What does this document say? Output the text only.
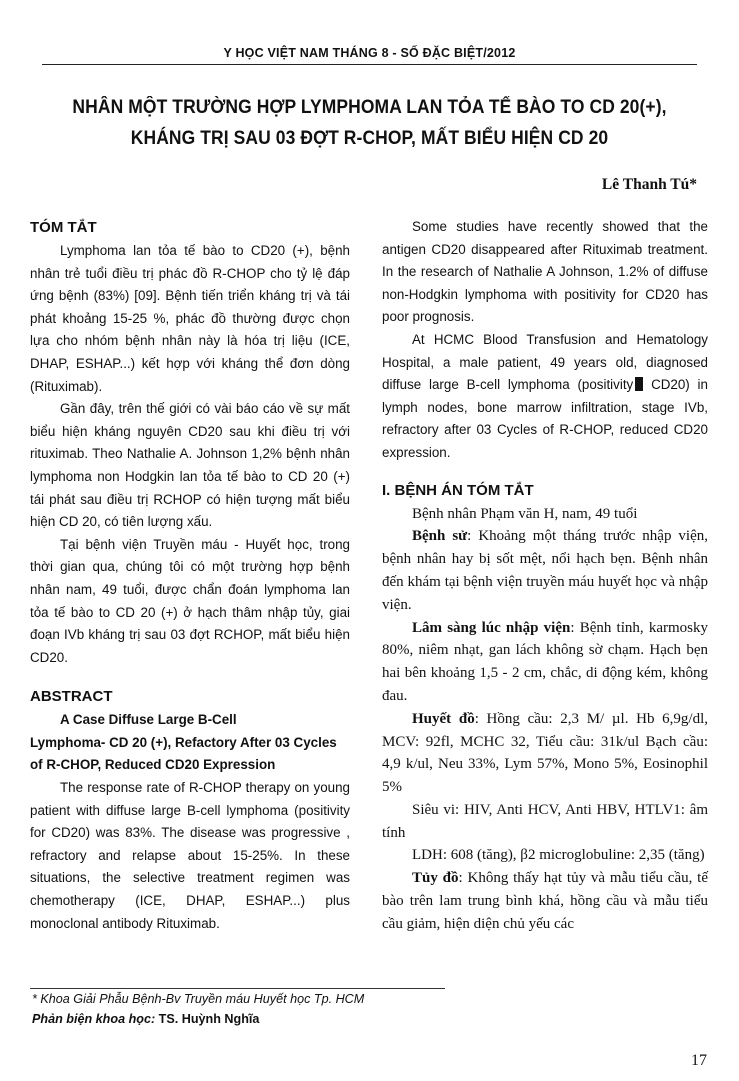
Y HỌC VIỆT NAM THÁNG 8 - SỐ ĐẶC BIỆT/2012
NHÂN MỘT TRƯỜNG HỢP LYMPHOMA LAN TỎA TẾ BÀO TO CD 20(+),
KHÁNG TRỊ SAU 03 ĐỢT R-CHOP, MẤT BIỂU HIỆN CD 20
Lê Thanh Tú*
TÓM TẮT

Lymphoma lan tỏa tế bào to CD20 (+), bệnh nhân trẻ tuổi điều trị phác đồ R-CHOP cho tỷ lệ đáp ứng bệnh (83%) [09]. Bệnh tiến triển kháng trị và tái phát khoảng 15-25 %, phác đồ thường được chọn lựa cho nhóm bệnh nhân này là hóa trị liệu (ICE, DHAP, ESHAP...) kết hợp với kháng thể đơn dòng (Rituximab).

Gần đây, trên thế giới có vài báo cáo về sự mất biểu hiện kháng nguyên CD20 sau khi điều trị với rituximab. Theo Nathalie A. Johnson 1,2% bệnh nhân lymphoma non Hodgkin lan tỏa tế bào to CD 20 (+) tái phát sau điều trị RCHOP có hiện tượng mất biểu hiện CD 20, có tiên lượng xấu.

Tại bệnh viện Truyền máu - Huyết học, trong thời gian qua, chúng tôi có một trường hợp bệnh nhân nam, 49 tuổi, được chẩn đoán lymphoma lan tỏa tế bào to CD 20 (+) ở hạch thâm nhập tủy, giai đoạn IVb kháng trị sau 03 đợt RCHOP, mất biểu hiện CD20.

ABSTRACT
A Case Diffuse Large B-Cell
Lymphoma- CD 20 (+), Refactory After 03 Cycles of R-CHOP, Reduced CD20 Expression

The response rate of R-CHOP therapy on young patient with diffuse large B-cell lymphoma (positivity for CD20) was 83%. The disease was progressive , refractory and relapse about 15-25%. In these situations, the selective treatment regimen was chemotherapy (ICE, DHAP, ESHAP...) plus monoclonal antibody Rituximab.

Some studies have recently showed that the antigen CD20 disappeared after Rituximab treatment. In the research of Nathalie A Johnson, 1.2% of diffuse non-Hodgkin lymphoma with positivity for CD20 has poor prognosis.

At HCMC Blood Transfusion and Hematology Hospital, a male patient, 49 years old, diagnosed diffuse large B-cell lymphoma (positivity CD20) in lymph nodes, bone marrow infiltration, stage IVb, refractory after 03 Cycles of R-CHOP, reduced CD20 expression.

I. BỆNH ÁN TÓM TẮT

Bệnh nhân Phạm văn H, nam, 49 tuổi

Bệnh sử: Khoảng một tháng trước nhập viện, bệnh nhân hay bị sốt mệt, nổi hạch bẹn. Bệnh nhân đến khám tại bệnh viện truyền máu huyết học và nhập viện.

Lâm sàng lúc nhập viện: Bệnh tỉnh, karmosky 80%, niêm nhạt, gan lách không sờ chạm. Hạch bẹn hai bên khoảng 1,5 - 2 cm, chắc, di động kém, không đau.

Huyết đồ: Hồng cầu: 2,3 M/ µl. Hb 6,9g/dl, MCV: 92fl, MCHC 32, Tiểu cầu: 31k/ul Bạch cầu: 4,9 k/ul, Neu 33%, Lym 57%, Mono 5%, Eosinophil 5%

Siêu vi: HIV, Anti HCV, Anti HBV, HTLV1: âm tính

LDH: 608 (tăng), β2 microglobuline: 2,35 (tăng)

Tủy đồ: Không thấy hạt tủy và mẫu tiểu cầu, tế bào trên lam trung bình khá, hồng cầu và mẫu tiểu cầu giảm, hiện diện chủ yếu các

* Khoa Giải Phẫu Bệnh-Bv Truyền máu Huyết học Tp. HCM
Phản biện khoa học: TS. Huỳnh Nghĩa
17
